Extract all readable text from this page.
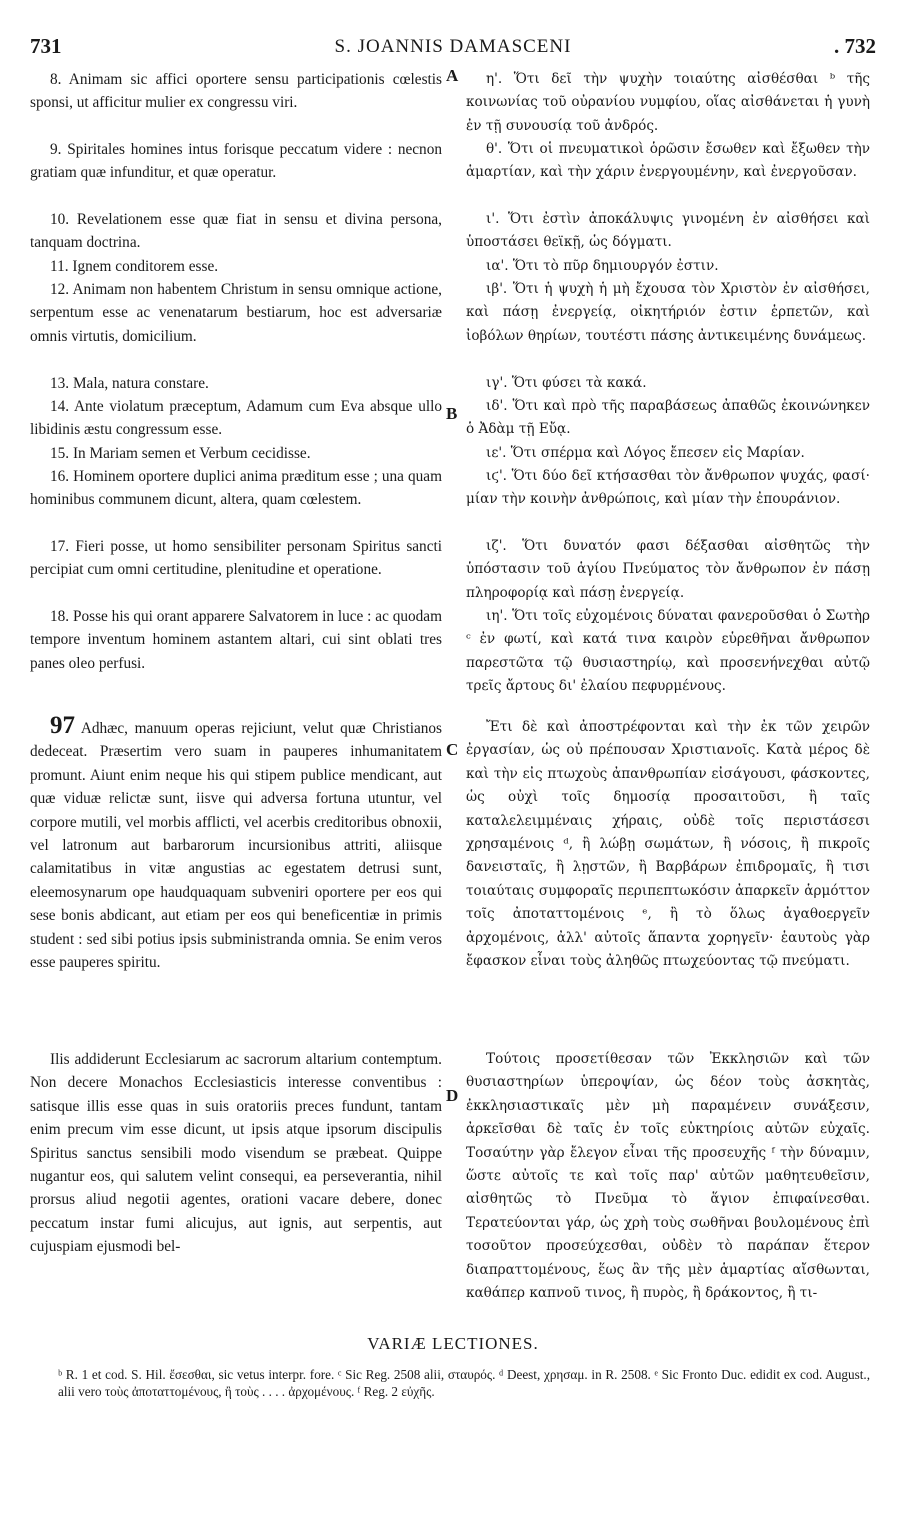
731	S. JOANNIS DAMASCENI	. 732

8. Animam sic affici oportere sensu participationis cœlestis sponsi, ut afficitur mulier ex congressu viri.

9. Spiritales homines intus forisque peccatum videre : necnon gratiam quæ infunditur, et quæ operatur.

10. Revelationem esse quæ fiat in sensu et divina persona, tanquam doctrina.

11. Ignem conditorem esse.

12. Animam non habentem Christum in sensu omnique actione, serpentum esse ac venenatarum bestiarum, hoc est adversariæ omnis virtutis, domicilium.

13. Mala, natura constare.

14. Ante violatum præceptum, Adamum cum Eva absque ullo libidinis æstu congressum esse.

15. In Mariam semen et Verbum cecidisse.

16. Hominem oportere duplici anima præditum esse ; una quam hominibus communem dicunt, altera, quam cœlestem.

17. Fieri posse, ut homo sensibiliter personam Spiritus sancti percipiat cum omni certitudine, plenitudine et operatione.

18. Posse his qui orant apparere Salvatorem in luce : ac quodam tempore inventum hominem astantem altari, cui sint oblati tres panes oleo perfusi.

η'. Ὅτι δεῖ τὴν ψυχὴν τοιαύτης αἰσθέσθαι ᵇ τῆς κοινωνίας τοῦ οὐρανίου νυμφίου, οἵας αἰσθάνεται ἡ γυνὴ ἐν τῇ συνουσίᾳ τοῦ ἀνδρός.

θ'. Ὅτι οἱ πνευματικοὶ ὁρῶσιν ἔσωθεν καὶ ἔξωθεν τὴν ἁμαρτίαν, καὶ τὴν χάριν ἐνεργουμένην, καὶ ἐνεργοῦσαν.

ι'. Ὅτι ἐστὶν ἀποκάλυψις γινομένη ἐν αἰσθήσει καὶ ὑποστάσει θεϊκῇ, ὡς δόγματι.

ια'. Ὅτι τὸ πῦρ δημιουργόν ἐστιν.

ιβ'. Ὅτι ἡ ψυχὴ ἡ μὴ ἔχουσα τὸν Χριστὸν ἐν αἰσθήσει, καὶ πάσῃ ἐνεργείᾳ, οἰκητήριόν ἐστιν ἑρπετῶν, καὶ ἰοβόλων θηρίων, τουτέστι πάσης ἀντικειμένης δυνάμεως.

ιγ'. Ὅτι φύσει τὰ κακά.

ιδ'. Ὅτι καὶ πρὸ τῆς παραβάσεως ἀπαθῶς ἐκοινώνηκεν ὁ Ἀδὰμ τῇ Εὔᾳ.

ιε'. Ὅτι σπέρμα καὶ Λόγος ἔπεσεν εἰς Μαρίαν.

ιϛ'. Ὅτι δύο δεῖ κτήσασθαι τὸν ἄνθρωπον ψυχάς, φασί· μίαν τὴν κοινὴν ἀνθρώποις, καὶ μίαν τὴν ἐπουράνιον.

ιζ'. Ὅτι δυνατόν φασι δέξασθαι αἰσθητῶς τὴν ὑπόστασιν τοῦ ἁγίου Πνεύματος τὸν ἄνθρωπον ἐν πάσῃ πληροφορίᾳ καὶ πάσῃ ἐνεργείᾳ.

ιη'. Ὅτι τοῖς εὐχομένοις δύναται φανεροῦσθαι ὁ Σωτὴρ ᶜ ἐν φωτί, καὶ κατά τινα καιρὸν εὑρεθῆναι ἄνθρωπον παρεστῶτα τῷ θυσιαστηρίῳ, καὶ προσενήνεχθαι αὐτῷ τρεῖς ἄρτους δι' ἐλαίου πεφυρμένους.

97 Adhæc, manuum operas rejiciunt, velut quæ Christianos dedeceat. Præsertim vero suam in pauperes inhumanitatem promunt. Aiunt enim neque his qui stipem publice mendicant, aut quæ viduæ relictæ sunt, iisve qui adversa fortuna utuntur, vel corpore mutili, vel morbis afflicti, vel acerbis creditoribus obnoxii, vel latronum aut barbarorum incursionibus attriti, aliisque calamitatibus in vitæ angustias ac egestatem detrusi sunt, eleemosynarum ope haudquaquam subveniri oportere per eos qui sese bonis abdicant, aut etiam per eos qui beneficentiæ in primis student : sed sibi potius ipsis subministranda omnia. Se enim veros esse pauperes spiritu.

Ἔτι δὲ καὶ ἀποστρέφονται καὶ τὴν ἐκ τῶν χειρῶν ἐργασίαν, ὡς οὐ πρέπουσαν Χριστιανοῖς. Κατὰ μέρος δὲ καὶ τὴν εἰς πτωχοὺς ἀπανθρωπίαν εἰσάγουσι, φάσκοντες, ὡς οὐχὶ τοῖς δημοσίᾳ προσαιτοῦσι, ἢ ταῖς καταλελειμμέναις χήραις, οὐδὲ τοῖς περιστάσεσι χρησαμένοις ᵈ, ἢ λώβῃ σωμάτων, ἢ νόσοις, ἢ πικροῖς δανεισταῖς, ἢ λῃστῶν, ἢ Βαρβάρων ἐπιδρομαῖς, ἢ τισι τοιαύταις συμφοραῖς περιπεπτωκόσιν ἀπαρκεῖν ἁρμόττον τοῖς ἀποταττομένοις ᵉ, ἢ τὸ ὅλως ἀγαθοεργεῖν ἀρχομένοις, ἀλλ' αὐτοῖς ἅπαντα χορηγεῖν· ἑαυτοὺς γὰρ ἔφασκον εἶναι τοὺς ἀληθῶς πτωχεύοντας τῷ πνεύματι.

Ilis addiderunt Ecclesiarum ac sacrorum altarium contemptum. Non decere Monachos Ecclesiasticis interesse conventibus : satisque illis esse quas in suis oratoriis preces fundunt, tantam enim precum vim esse dicunt, ut ipsis atque ipsorum discipulis Spiritus sanctus sensibili modo visendum se præbeat. Quippe nugantur eos, qui salutem velint consequi, ea perseverantia, nihil prorsus aliud negotii agentes, orationi vacare debere, donec peccatum instar fumi alicujus, aut ignis, aut serpentis, aut cujuspiam ejusmodi bel-

Τούτοις προσετίθεσαν τῶν Ἐκκλησιῶν καὶ τῶν θυσιαστηρίων ὑπεροψίαν, ὡς δέον τοὺς ἀσκητὰς, ἐκκλησιαστικαῖς μὲν μὴ παραμένειν συνάξεσιν, ἀρκεῖσθαι δὲ ταῖς ἐν τοῖς εὐκτηρίοις αὐτῶν εὐχαῖς. Τοσαύτην γὰρ ἔλεγον εἶναι τῆς προσευχῆς ᶠ τὴν δύναμιν, ὥστε αὐτοῖς τε καὶ τοῖς παρ' αὐτῶν μαθητευθεῖσιν, αἰσθητῶς τὸ Πνεῦμα τὸ ἅγιον ἐπιφαίνεσθαι. Τερατεύονται γάρ, ὡς χρὴ τοὺς σωθῆναι βουλομένους ἐπὶ τοσοῦτον προσεύχεσθαι, οὐδὲν τὸ παράπαν ἕτερον διαπραττομένους, ἕως ἂν τῆς μὲν ἁμαρτίας αἴσθωνται, καθάπερ καπνοῦ τινος, ἢ πυρὸς, ἢ δράκοντος, ἢ τι-

A
B
C
D
VARIÆ LECTIONES.
ᵇ R. 1 et cod. S. Hil. ἔσεσθαι, sic vetus interpr. fore. ᶜ Sic Reg. 2508 alii, σταυρός. ᵈ Deest, χρησαμ. in R. 2508. ᵉ Sic Fronto Duc. edidit ex cod. August., alii vero τοὺς ἀποταττομένους, ἢ τοὺς . . . . ἀρχομένους. ᶠ Reg. 2 εὐχῆς.
